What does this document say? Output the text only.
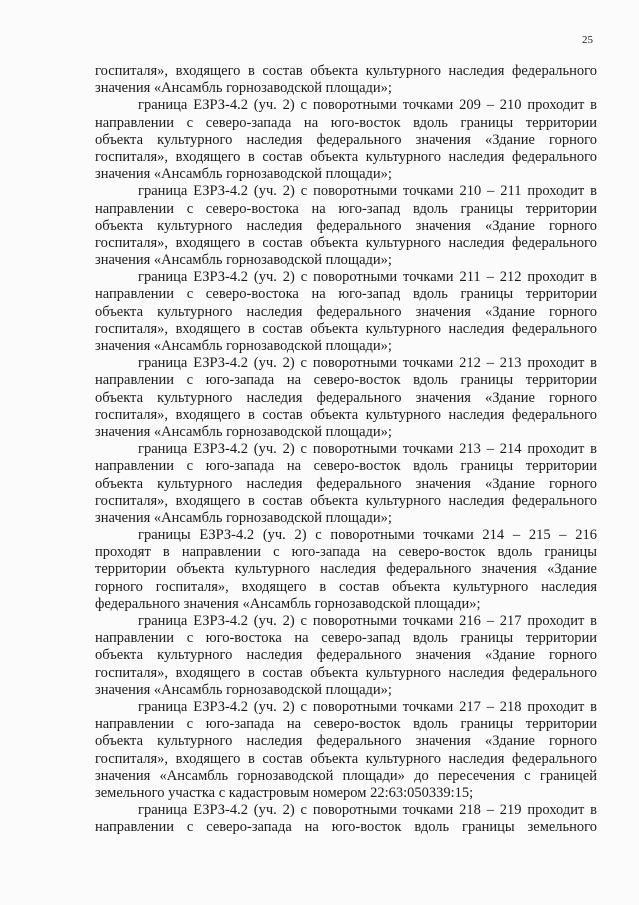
25
госпиталя», входящего в состав объекта культурного наследия федерального
значения «Ансамбль горнозаводской площади»;
граница ЕЗРЗ-4.2 (уч. 2) с поворотными точками 209 – 210 проходит в
направлении с северо-запада на юго-восток вдоль границы территории
объекта культурного наследия федерального значения «Здание горного
госпиталя», входящего в состав объекта культурного наследия федерального
значения «Ансамбль горнозаводской площади»;
граница ЕЗРЗ-4.2 (уч. 2) с поворотными точками 210 – 211 проходит в
направлении с северо-востока на юго-запад вдоль границы территории
объекта культурного наследия федерального значения «Здание горного
госпиталя», входящего в состав объекта культурного наследия федерального
значения «Ансамбль горнозаводской площади»;
граница ЕЗРЗ-4.2 (уч. 2) с поворотными точками 211 – 212 проходит в
направлении с северо-востока на юго-запад вдоль границы территории
объекта культурного наследия федерального значения «Здание горного
госпиталя», входящего в состав объекта культурного наследия федерального
значения «Ансамбль горнозаводской площади»;
граница ЕЗРЗ-4.2 (уч. 2) с поворотными точками 212 – 213 проходит в
направлении с юго-запада на северо-восток вдоль границы территории
объекта культурного наследия федерального значения «Здание горного
госпиталя», входящего в состав объекта культурного наследия федерального
значения «Ансамбль горнозаводской площади»;
граница ЕЗРЗ-4.2 (уч. 2) с поворотными точками 213 – 214 проходит в
направлении с юго-запада на северо-восток вдоль границы территории
объекта культурного наследия федерального значения «Здание горного
госпиталя», входящего в состав объекта культурного наследия федерального
значения «Ансамбль горнозаводской площади»;
границы ЕЗРЗ-4.2 (уч. 2) с поворотными точками 214 – 215 – 216
проходят в направлении с юго-запада на северо-восток вдоль границы
территории объекта культурного наследия федерального значения «Здание
горного госпиталя», входящего в состав объекта культурного наследия
федерального значения «Ансамбль горнозаводской площади»;
граница ЕЗРЗ-4.2 (уч. 2) с поворотными точками 216 – 217 проходит в
направлении с юго-востока на северо-запад вдоль границы территории
объекта культурного наследия федерального значения «Здание горного
госпиталя», входящего в состав объекта культурного наследия федерального
значения «Ансамбль горнозаводской площади»;
граница ЕЗРЗ-4.2 (уч. 2) с поворотными точками 217 – 218 проходит в
направлении с юго-запада на северо-восток вдоль границы территории
объекта культурного наследия федерального значения «Здание горного
госпиталя», входящего в состав объекта культурного наследия федерального
значения «Ансамбль горнозаводской площади» до пересечения с границей
земельного участка с кадастровым номером 22:63:050339:15;
граница ЕЗРЗ-4.2 (уч. 2) с поворотными точками 218 – 219 проходит в
направлении с северо-запада на юго-восток вдоль границы земельного
